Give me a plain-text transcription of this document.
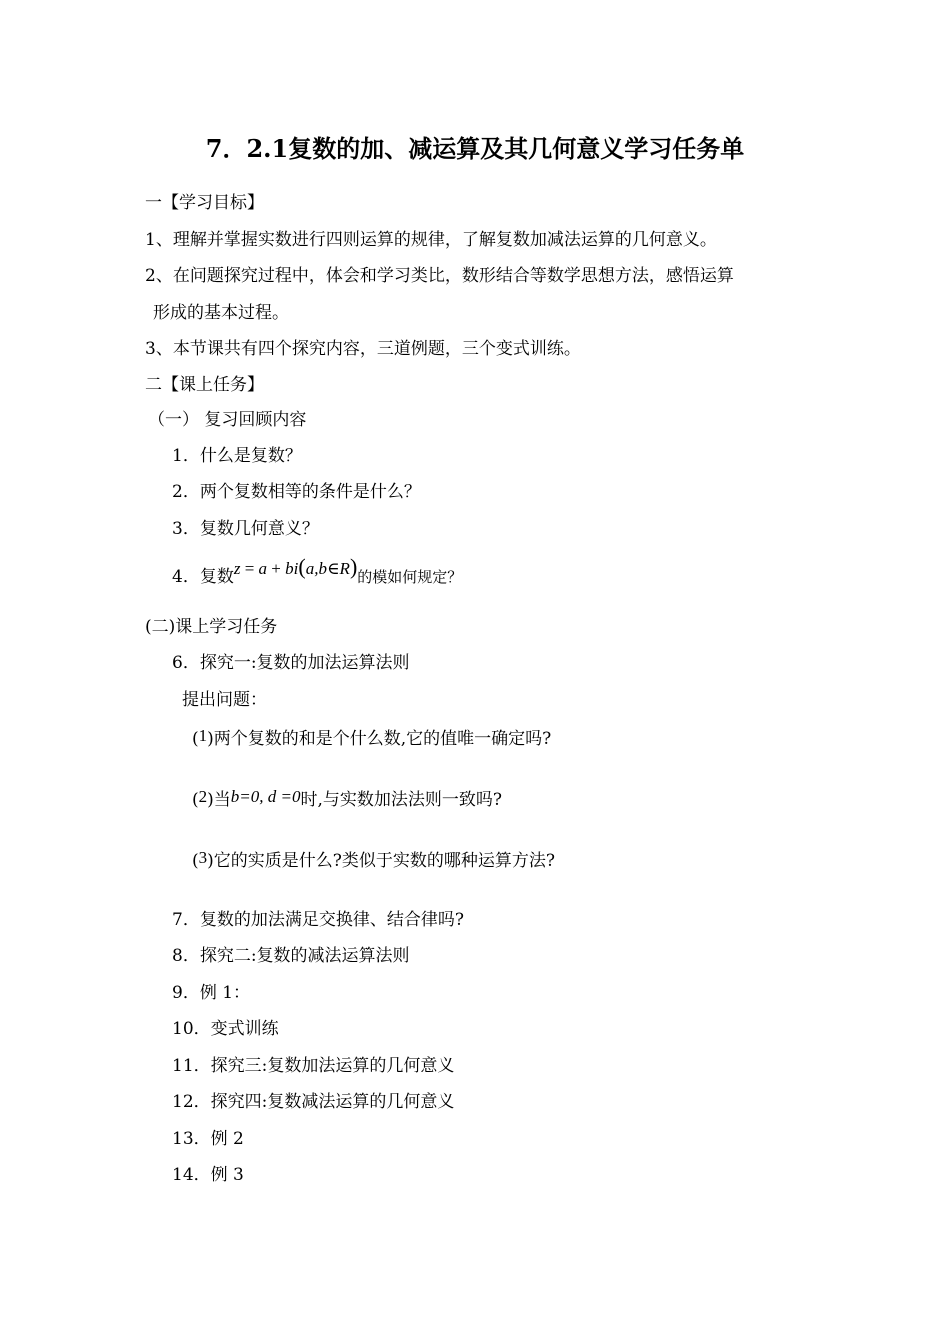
7．2.1复数的加、减运算及其几何意义学习任务单
一【学习目标】
1、理解并掌握实数进行四则运算的规律，了解复数加减法运算的几何意义。
2、在问题探究过程中，体会和学习类比，数形结合等数学思想方法，感悟运算
形成的基本过程。
3、本节课共有四个探究内容，三道例题，三个变式训练。
二【课上任务】
（一） 复习回顾内容
1．什么是复数？
2．两个复数相等的条件是什么？
3．复数几何意义？
4．复数z = a + bi(a,b∈R)的模如何规定？
(二)课上学习任务
6．探究一:复数的加法运算法则
提出问题：
(1)两个复数的和是个什么数,它的值唯一确定吗?
(2)当b=0, d =0时,与实数加法法则一致吗?
(3)它的实质是什么?类似于实数的哪种运算方法?
7．复数的加法满足交换律、结合律吗?
8．探究二:复数的减法运算法则
9．例 1：
10．变式训练
11．探究三:复数加法运算的几何意义
12．探究四:复数减法运算的几何意义
13．例 2
14．例 3
